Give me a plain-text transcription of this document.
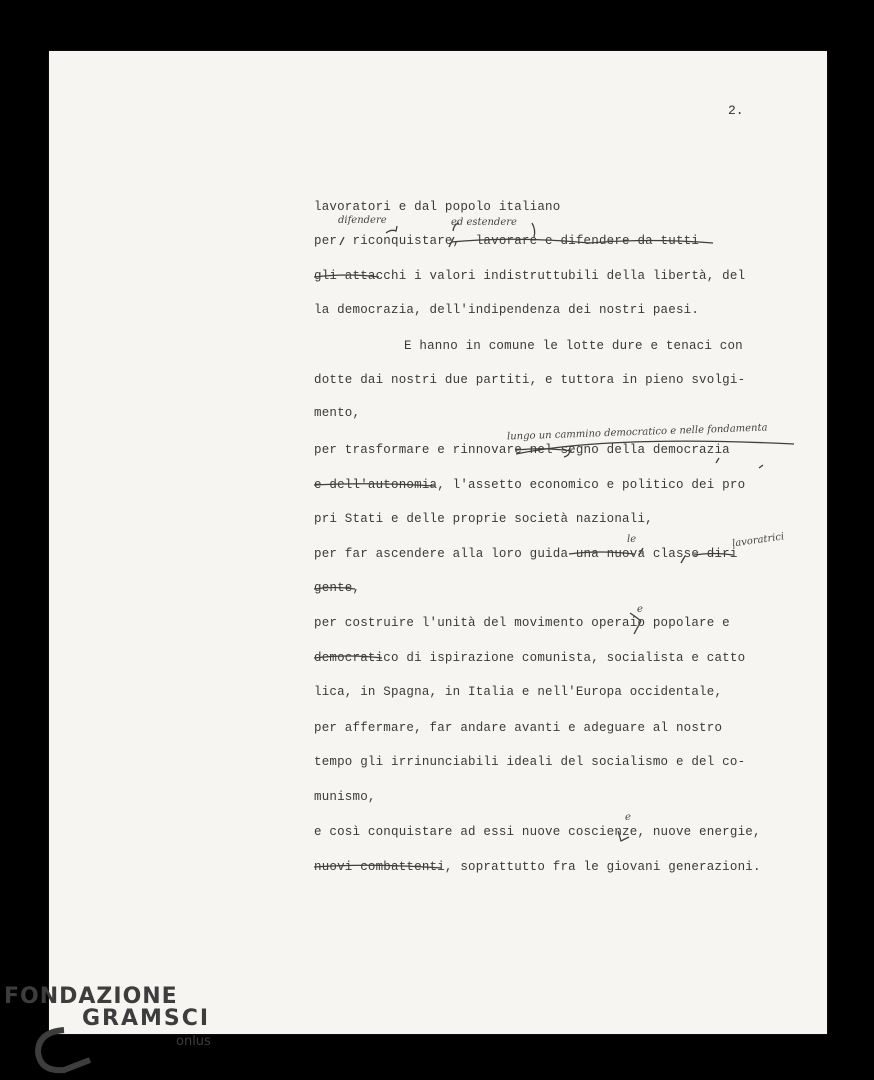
2.
lavoratori e dal popolo italiano
per  riconquistare,  lavorare e difendere da tutti
gli attacchi i valori indistruttubili della libertà, del
la democrazia, dell'indipendenza dei nostri paesi.
E hanno in comune le lotte dure e tenaci con
dotte dai nostri due partiti, e tuttora in pieno svolgi-
mento,
per trasformare e rinnovare nel segno della democrazia
e dell'autonomia, l'assetto economico e politico dei pro
pri Stati e delle proprie società nazionali,
per far ascendere alla loro guida una nuova classe diri
gente,
per costruire l'unità del movimento operaio popolare e
democratico di ispirazione comunista, socialista e catto
lica, in Spagna, in Italia e nell'Europa occidentale,
per affermare, far andare avanti e adeguare al nostro
tempo gli irrinunciabili ideali del socialismo e del co-
munismo,
e così conquistare ad essi nuove coscienze, nuove energie,
nuovi combattenti, soprattutto fra le giovani generazioni.
difendere	ed estendere
lungo un cammino democratico e nelle fondamenta
le	lavoratrici
e
e
FONDAZIONE
GRAMSCI
onlus
